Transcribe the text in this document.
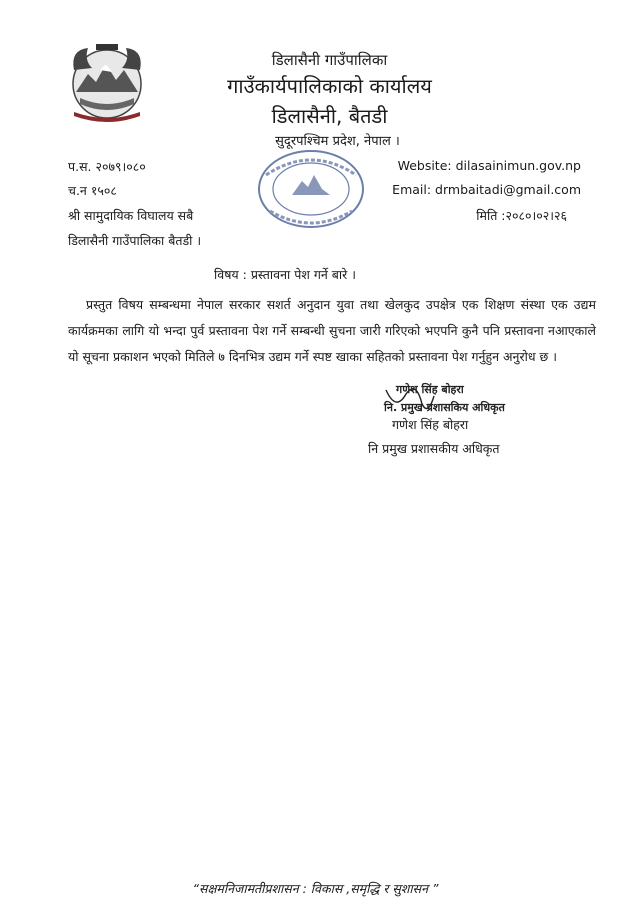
डिलासैनी गाउँपालिका
गाउँकार्यपालिकाको कार्यालय
डिलासैनी, बैतडी
सुदूरपश्चिम प्रदेश, नेपाल ।
प.स. २०७९।०८०
च.न १५०८
श्री सामुदायिक विघालय सबै
डिलासैनी गाउँपालिका बैतडी ।
Website: dilasainimun.gov.np
Email: drmbaitadi@gmail.com
मिति :२०८०।०२।२६
विषय : प्रस्तावना पेश गर्ने बारे ।
प्रस्तुत विषय सम्बन्धमा नेपाल सरकार सशर्त अनुदान युवा तथा खेलकुद उपक्षेत्र एक शिक्षण संस्था एक उद्यम कार्यक्रमका लागि यो भन्दा पुर्व प्रस्तावना पेश गर्ने सम्बन्धी सुचना जारी गरिएको भएपनि कुनै पनि प्रस्तावना नआएकाले यो सूचना प्रकाशन भएको मितिले ७ दिनभित्र उद्यम गर्ने स्पष्ट खाका सहितको प्रस्तावना पेश गर्नुहुन अनुरोध छ ।
गणेश सिंह बोहरा
नि. प्रमुख प्रशासकिय अधिकृत
गणेश सिंह बोहरा
नि प्रमुख प्रशासकीय अधिकृत
“सक्षमनिजामतीप्रशासन : विकास ,समृद्धि र सुशासन ”
